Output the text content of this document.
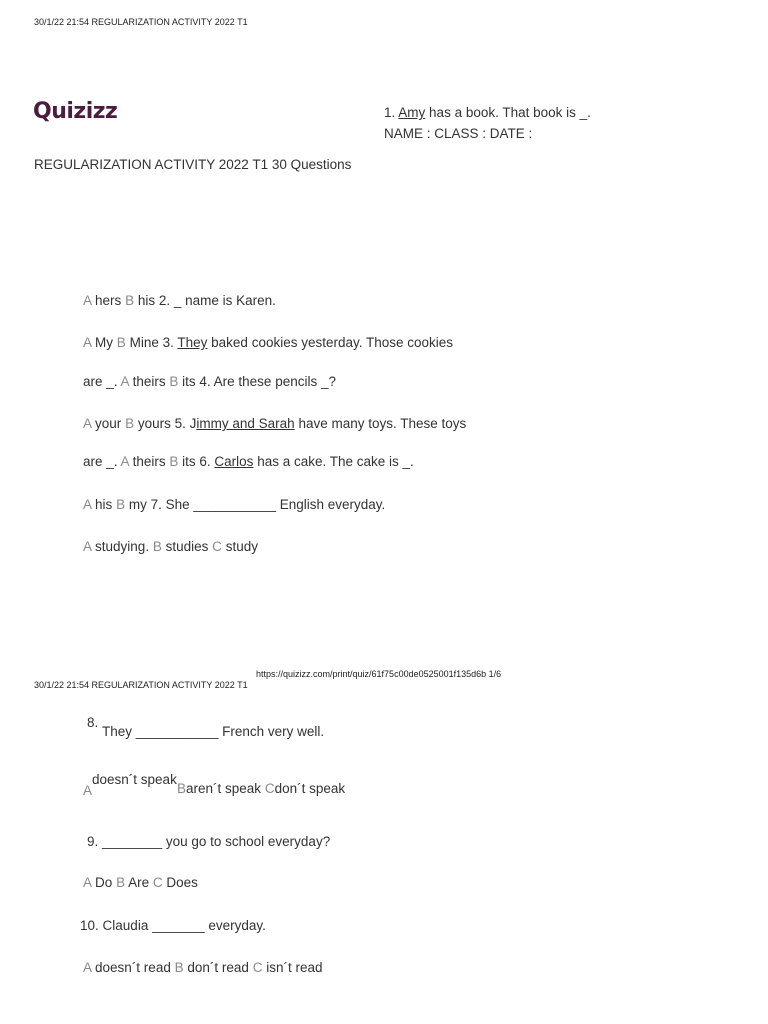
30/1/22 21:54 REGULARIZATION ACTIVITY 2022 T1
Quizizz	1. Amy has a book. That book is _.
NAME : CLASS : DATE :
REGULARIZATION ACTIVITY 2022 T1 30 Questions
A hers B his 2. _ name is Karen.
A My B Mine 3. They baked cookies yesterday. Those cookies
are _. A theirs B its 4. Are these pencils _?
A your B yours 5. Jimmy and Sarah have many toys. These toys
are _. A theirs B its 6. Carlos has a cake. The cake is _.
A his B my 7. She ___________ English everyday.
A studying. B studies C study
https://quizizz.com/print/quiz/61f75c00de0525001f135d6b 1/6
30/1/22 21:54 REGULARIZATION ACTIVITY 2022 T1
8.
They ___________ French very well.
Adoesn´t speak
Baren´t speak Cdon´t speak
9. ________ you go to school everyday?
A Do B Are C Does
10. Claudia _______ everyday.
A doesn´t read B don´t read C isn´t read
